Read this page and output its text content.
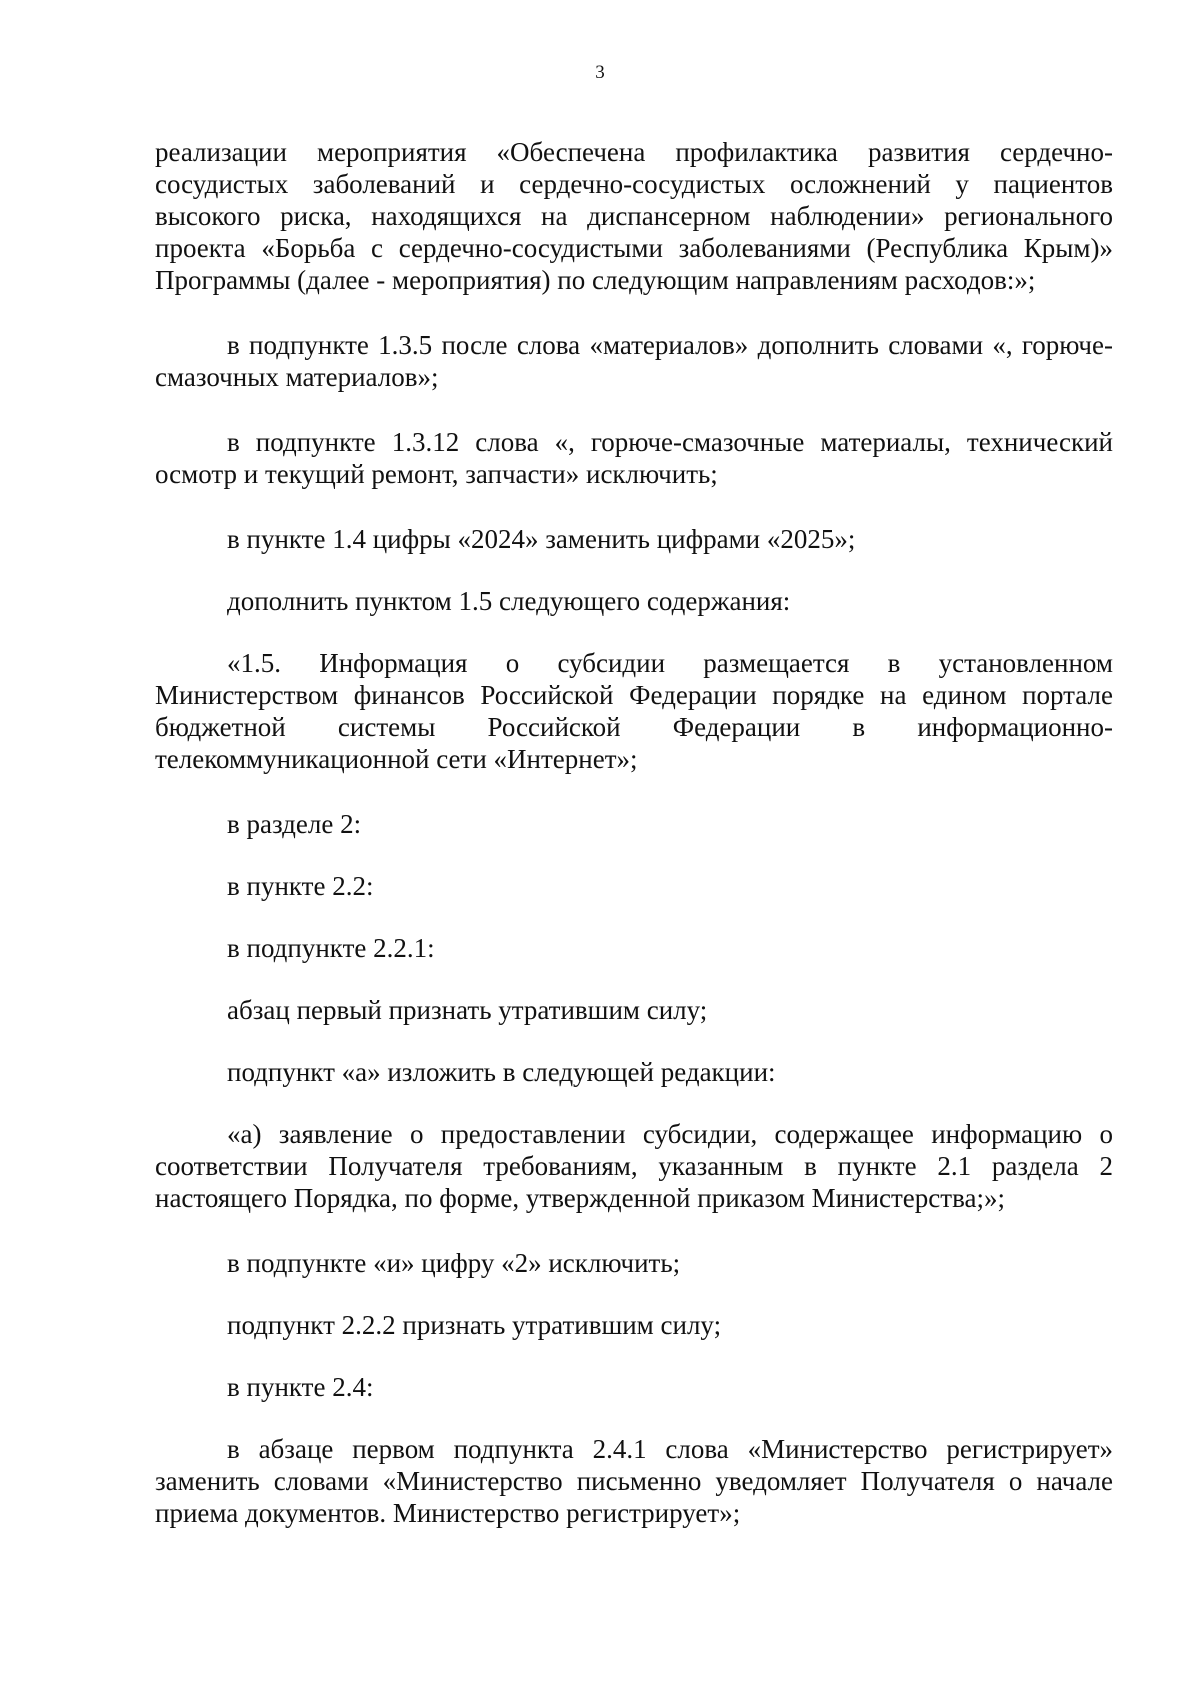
3

реализации мероприятия «Обеспечена профилактика развития сердечно-сосудистых заболеваний и сердечно-сосудистых осложнений у пациентов высокого риска, находящихся на диспансерном наблюдении» регионального проекта «Борьба с сердечно-сосудистыми заболеваниями (Республика Крым)» Программы (далее - мероприятия) по следующим направлениям расходов:»;

в подпункте 1.3.5 после слова «материалов» дополнить словами «, горюче-смазочных материалов»;

в подпункте 1.3.12 слова «, горюче-смазочные материалы, технический осмотр и текущий ремонт, запчасти» исключить;

в пункте 1.4 цифры «2024» заменить цифрами «2025»;

дополнить пунктом 1.5 следующего содержания:

«1.5. Информация о субсидии размещается в установленном Министерством финансов Российской Федерации порядке на едином портале бюджетной системы Российской Федерации в информационно-телекоммуникационной сети «Интернет»;

в разделе 2:

в пункте 2.2:

в подпункте 2.2.1:

абзац первый признать утратившим силу;

подпункт «а» изложить в следующей редакции:

«а) заявление о предоставлении субсидии, содержащее информацию о соответствии Получателя требованиям, указанным в пункте 2.1 раздела 2 настоящего Порядка, по форме, утвержденной приказом Министерства;»;

в подпункте «и» цифру «2» исключить;

подпункт 2.2.2 признать утратившим силу;

в пункте 2.4:

в абзаце первом подпункта 2.4.1 слова «Министерство регистрирует» заменить словами «Министерство письменно уведомляет Получателя о начале приема документов. Министерство регистрирует»;
